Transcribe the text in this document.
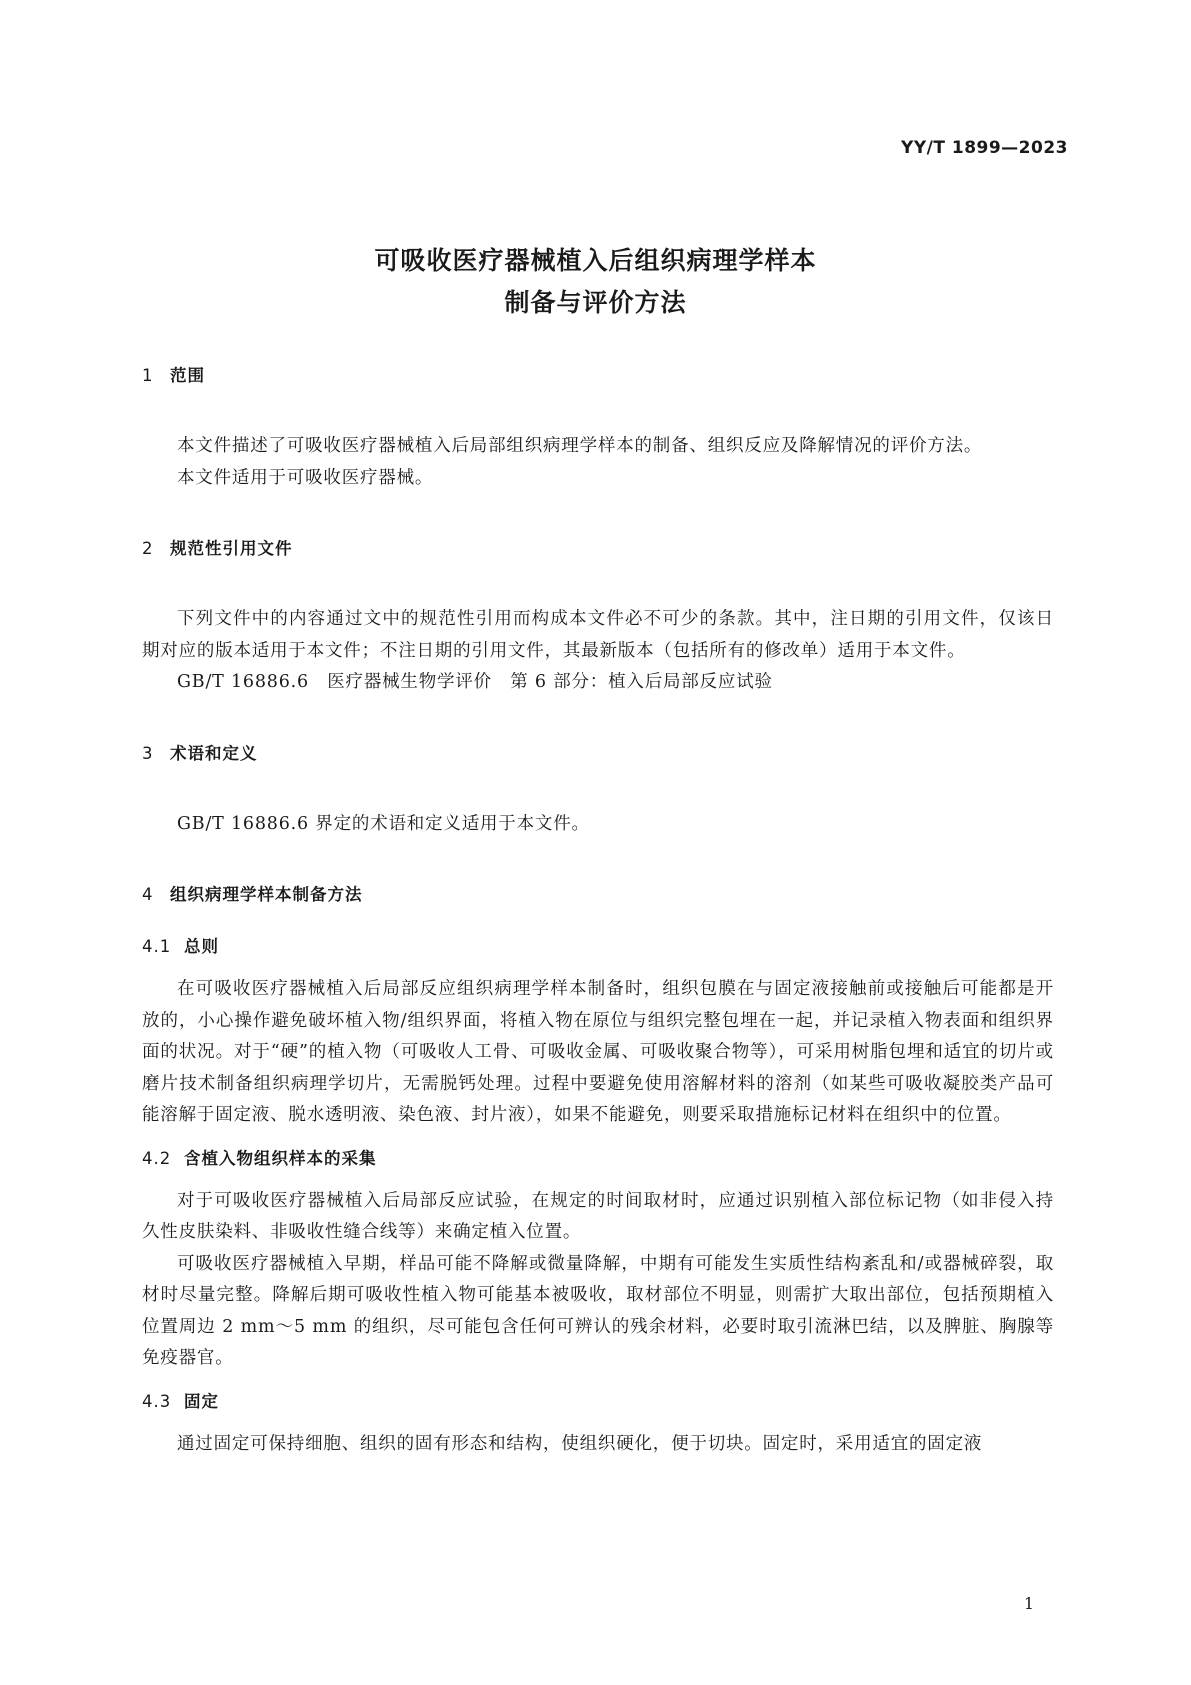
YY/T 1899—2023
可吸收医疗器械植入后组织病理学样本
制备与评价方法
1 范围

本文件描述了可吸收医疗器械植入后局部组织病理学样本的制备、组织反应及降解情况的评价方法。

本文件适用于可吸收医疗器械。

2 规范性引用文件

下列文件中的内容通过文中的规范性引用而构成本文件必不可少的条款。其中，注日期的引用文件，仅该日期对应的版本适用于本文件；不注日期的引用文件，其最新版本（包括所有的修改单）适用于本文件。

GB/T 16886.6　医疗器械生物学评价　第 6 部分：植入后局部反应试验

3 术语和定义

GB/T 16886.6 界定的术语和定义适用于本文件。

4 组织病理学样本制备方法
4.1 总则

在可吸收医疗器械植入后局部反应组织病理学样本制备时，组织包膜在与固定液接触前或接触后可能都是开放的，小心操作避免破坏植入物/组织界面，将植入物在原位与组织完整包埋在一起，并记录植入物表面和组织界面的状况。对于“硬”的植入物（可吸收人工骨、可吸收金属、可吸收聚合物等），可采用树脂包埋和适宜的切片或磨片技术制备组织病理学切片，无需脱钙处理。过程中要避免使用溶解材料的溶剂（如某些可吸收凝胶类产品可能溶解于固定液、脱水透明液、染色液、封片液），如果不能避免，则要采取措施标记材料在组织中的位置。

4.2 含植入物组织样本的采集

对于可吸收医疗器械植入后局部反应试验，在规定的时间取材时，应通过识别植入部位标记物（如非侵入持久性皮肤染料、非吸收性缝合线等）来确定植入位置。

可吸收医疗器械植入早期，样品可能不降解或微量降解，中期有可能发生实质性结构紊乱和/或器械碎裂，取材时尽量完整。降解后期可吸收性植入物可能基本被吸收，取材部位不明显，则需扩大取出部位，包括预期植入位置周边 2 mm～5 mm 的组织，尽可能包含任何可辨认的残余材料，必要时取引流淋巴结，以及脾脏、胸腺等免疫器官。

4.3 固定

通过固定可保持细胞、组织的固有形态和结构，使组织硬化，便于切块。固定时，采用适宜的固定液

1
